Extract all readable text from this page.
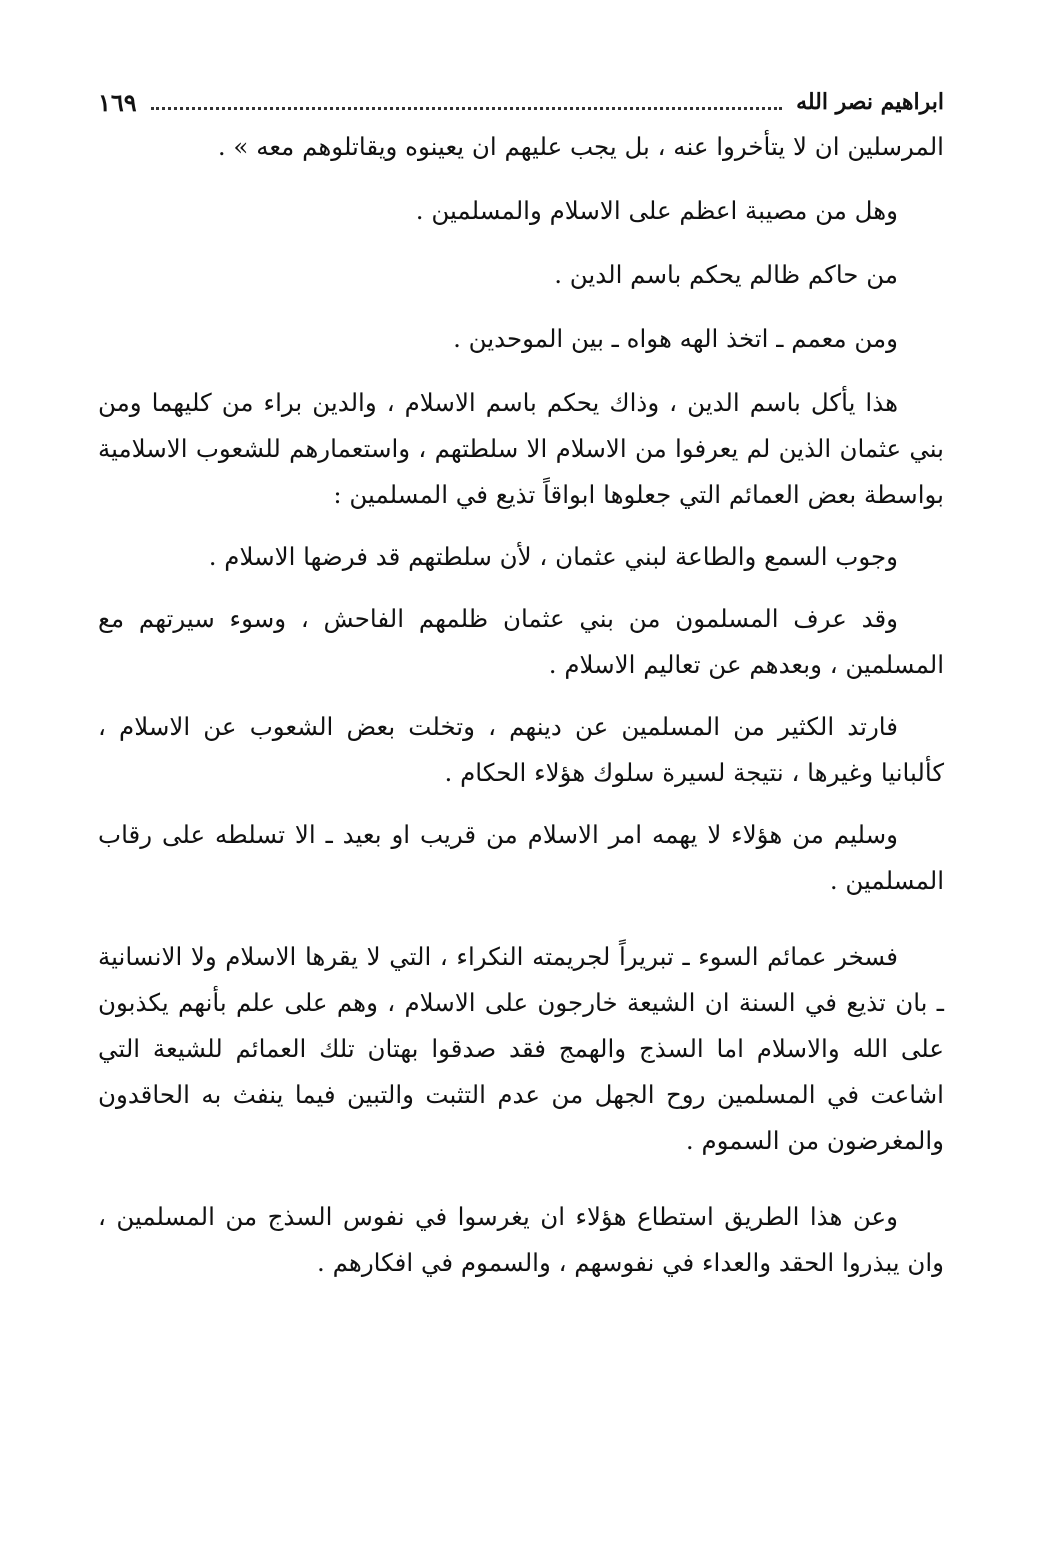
ابراهيم نصر الله
١٦٩

المرسلين ان لا يتأخروا عنه ، بل يجب عليهم ان يعينوه ويقاتلوهم معه » .

وهل من مصيبة اعظم على الاسلام والمسلمين .

من حاكم ظالم يحكم باسم الدين .

ومن معمم ـ اتخذ الهه هواه ـ بين الموحدين .

هذا يأكل باسم الدين ، وذاك يحكم باسم الاسلام ، والدين براء من كليهما ومن بني عثمان الذين لم يعرفوا من الاسلام الا سلطتهم ، واستعمارهم للشعوب الاسلامية بواسطة بعض العمائم التي جعلوها ابواقاً تذيع في المسلمين :

وجوب السمع والطاعة لبني عثمان ، لأن سلطتهم قد فرضها الاسلام .

وقد عرف المسلمون من بني عثمان ظلمهم الفاحش ، وسوء سيرتهم مع المسلمين ، وبعدهم عن تعاليم الاسلام .

فارتد الكثير من المسلمين عن دينهم ، وتخلت بعض الشعوب عن الاسلام ، كألبانيا وغيرها ، نتيجة لسيرة سلوك هؤلاء الحكام .

وسليم من هؤلاء لا يهمه امر الاسلام من قريب او بعيد ـ الا تسلطه على رقاب المسلمين .

فسخر عمائم السوء ـ تبريراً لجريمته النكراء ، التي لا يقرها الاسلام ولا الانسانية ـ بان تذيع في السنة ان الشيعة خارجون على الاسلام ، وهم على علم بأنهم يكذبون على الله والاسلام اما السذج والهمج فقد صدقوا بهتان تلك العمائم للشيعة التي اشاعت في المسلمين روح الجهل من عدم التثبت والتبين فيما ينفث به الحاقدون والمغرضون من السموم .

وعن هذا الطريق استطاع هؤلاء ان يغرسوا في نفوس السذج من المسلمين ، وان يبذروا الحقد والعداء في نفوسهم ، والسموم في افكارهم .
